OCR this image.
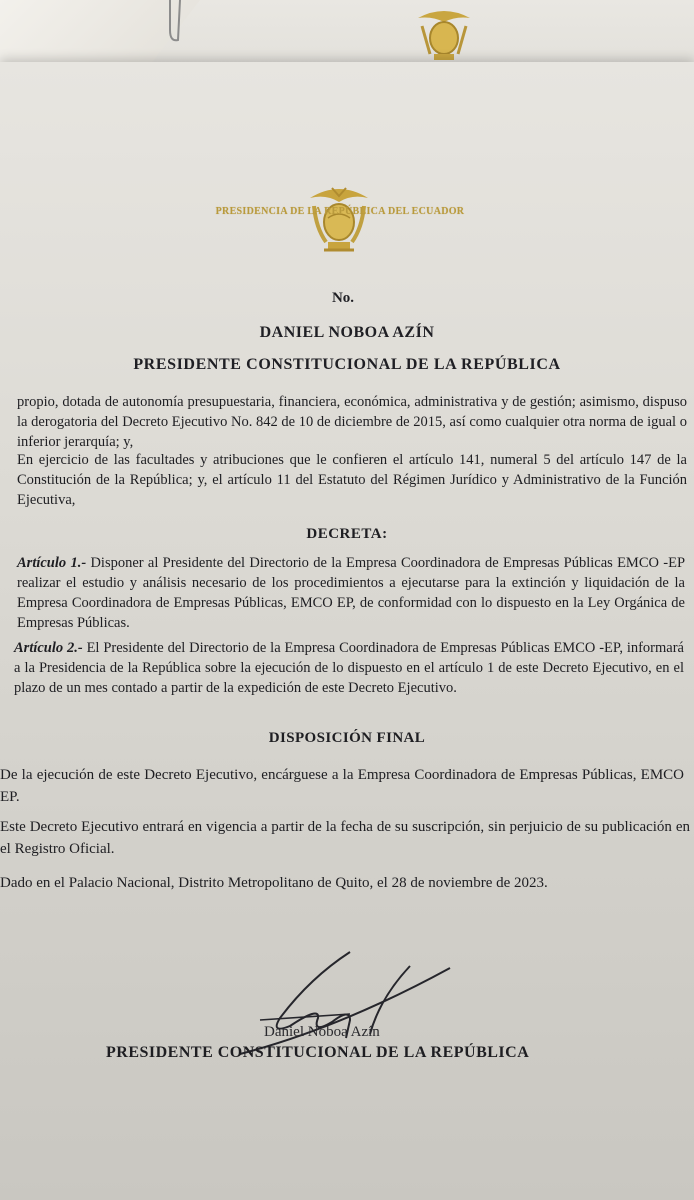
PRESIDENCIA DE LA REPÚBLICA DEL ECUADOR
No.
DANIEL NOBOA AZÍN
PRESIDENTE CONSTITUCIONAL DE LA REPÚBLICA

propio, dotada de autonomía presupuestaria, financiera, económica, administrativa y de gestión; asimismo, dispuso la derogatoria del Decreto Ejecutivo No. 842 de 10 de diciembre de 2015, así como cualquier otra norma de igual o inferior jerarquía; y,

En ejercicio de las facultades y atribuciones que le confieren el artículo 141, numeral 5 del artículo 147 de la Constitución de la República; y, el artículo 11 del Estatuto del Régimen Jurídico y Administrativo de la Función Ejecutiva,

DECRETA:

Artículo 1.- Disponer al Presidente del Directorio de la Empresa Coordinadora de Empresas Públicas EMCO -EP realizar el estudio y análisis necesario de los procedimientos a ejecutarse para la extinción y liquidación de la Empresa Coordinadora de Empresas Públicas, EMCO EP, de conformidad con lo dispuesto en la Ley Orgánica de Empresas Públicas.

Artículo 2.- El Presidente del Directorio de la Empresa Coordinadora de Empresas Públicas EMCO -EP, informará a la Presidencia de la República sobre la ejecución de lo dispuesto en el artículo 1 de este Decreto Ejecutivo, en el plazo de un mes contado a partir de la expedición de este Decreto Ejecutivo.

DISPOSICIÓN FINAL

De la ejecución de este Decreto Ejecutivo, encárguese a la Empresa Coordinadora de Empresas Públicas, EMCO EP.

Este Decreto Ejecutivo entrará en vigencia a partir de la fecha de su suscripción, sin perjuicio de su publicación en el Registro Oficial.

Dado en el Palacio Nacional, Distrito Metropolitano de Quito, el 28 de noviembre de 2023.

Daniel Noboa Azín
PRESIDENTE CONSTITUCIONAL DE LA REPÚBLICA
